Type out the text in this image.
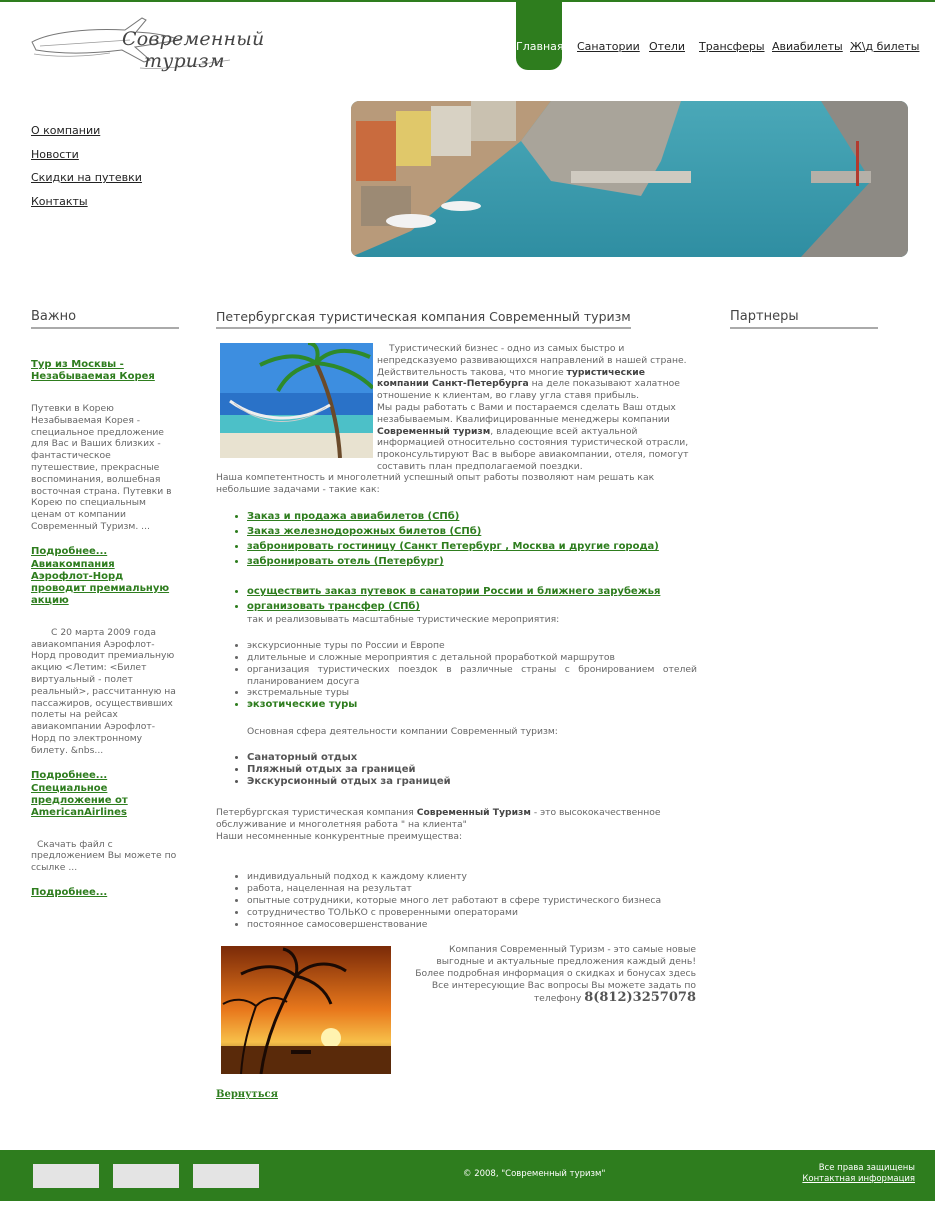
Современный
туризм
Главная Санатории Отели Трансферы Авиабилеты Ж\д билеты
О компании
Новости
Скидки на путевки
Контакты
Важно
Тур из Москвы - Незабываемая Корея
Путевки в Корею Незабываемая Корея - специальное предложение для Вас и Ваших близких - фантастическое путешествие, прекрасные воспоминания, волшебная восточная страна. Путевки в Корею по специальным ценам от компании Современный Туризм. ...
Подробнее...
Авиакомпания Аэрофлот-Норд проводит премиальную акцию
С 20 марта 2009 года авиакомпания Аэрофлот-Норд проводит премиальную акцию <Летим: <Билет виртуальный - полет реальный>, рассчитанную на пассажиров, осуществивших полеты на рейсах авиакомпании Аэрофлот-Норд по электронному билету. &nbs...
Подробнее...
Специальное предложение от AmericanAirlines
Скачать файл с предложением Вы можете по ссылке ...
Подробнее...
Партнеры
Петербургская туристическая компания Современный туризм
Туристический бизнес - одно из самых быстро и непредсказуемо развивающихся направлений в нашей стране. Действительность такова, что многие туристические компании Санкт-Петербурга на деле показывают халатное отношение к клиентам, во главу угла ставя прибыль.
Мы рады работать с Вами и постараемся сделать Ваш отдых незабываемым. Квалифицированные менеджеры компании Современный туризм, владеющие всей актуальной информацией относительно состояния туристической отрасли, проконсультируют Вас в выборе авиакомпании, отеля, помогут составить план предполагаемой поездки.
Наша компетентность и многолетний успешный опыт работы позволяют нам решать как небольшие задачами - такие как:
• Заказ и продажа авиабилетов (СПб)
• Заказ железнодорожных билетов (СПб)
• забронировать гостиницу (Санкт Петербург , Москва и другие города)
• забронировать отель (Петербург)
• осуществить заказ путевок в санатории России и ближнего зарубежья
• организовать трансфер (СПб)
так и реализовывать масштабные туристические мероприятия:
• экскурсионные туры по России и Европе
• длительные и сложные мероприятия с детальной проработкой маршрутов
• организация туристических поездок в различные страны с бронированием отелей планированием досуга
• экстремальные туры
• экзотические туры
Основная сфера деятельности компании Современный туризм:
• Санаторный отдых
• Пляжный отдых за границей
• Экскурсионный отдых за границей
Петербургская туристическая компания Современный Туризм - это высококачественное обслуживание и многолетняя работа " на клиента"
Наши несомненные конкурентные преимущества:
• индивидуальный подход к каждому клиенту
• работа, нацеленная на результат
• опытные сотрудники, которые много лет работают в сфере туристического бизнеса
• сотрудничество ТОЛЬКО с проверенными операторами
• постоянное самосовершенствование
Компания Современный Туризм - это самые новые выгодные и актуальные предложения каждый день!Более подробная информация о скидках и бонусах здесь Все интересующие Вас вопросы Вы можете задать по телефону 8(812)3257078
Вернуться
© 2008, "Современный туризм"
Все права защищены
Контактная информация
